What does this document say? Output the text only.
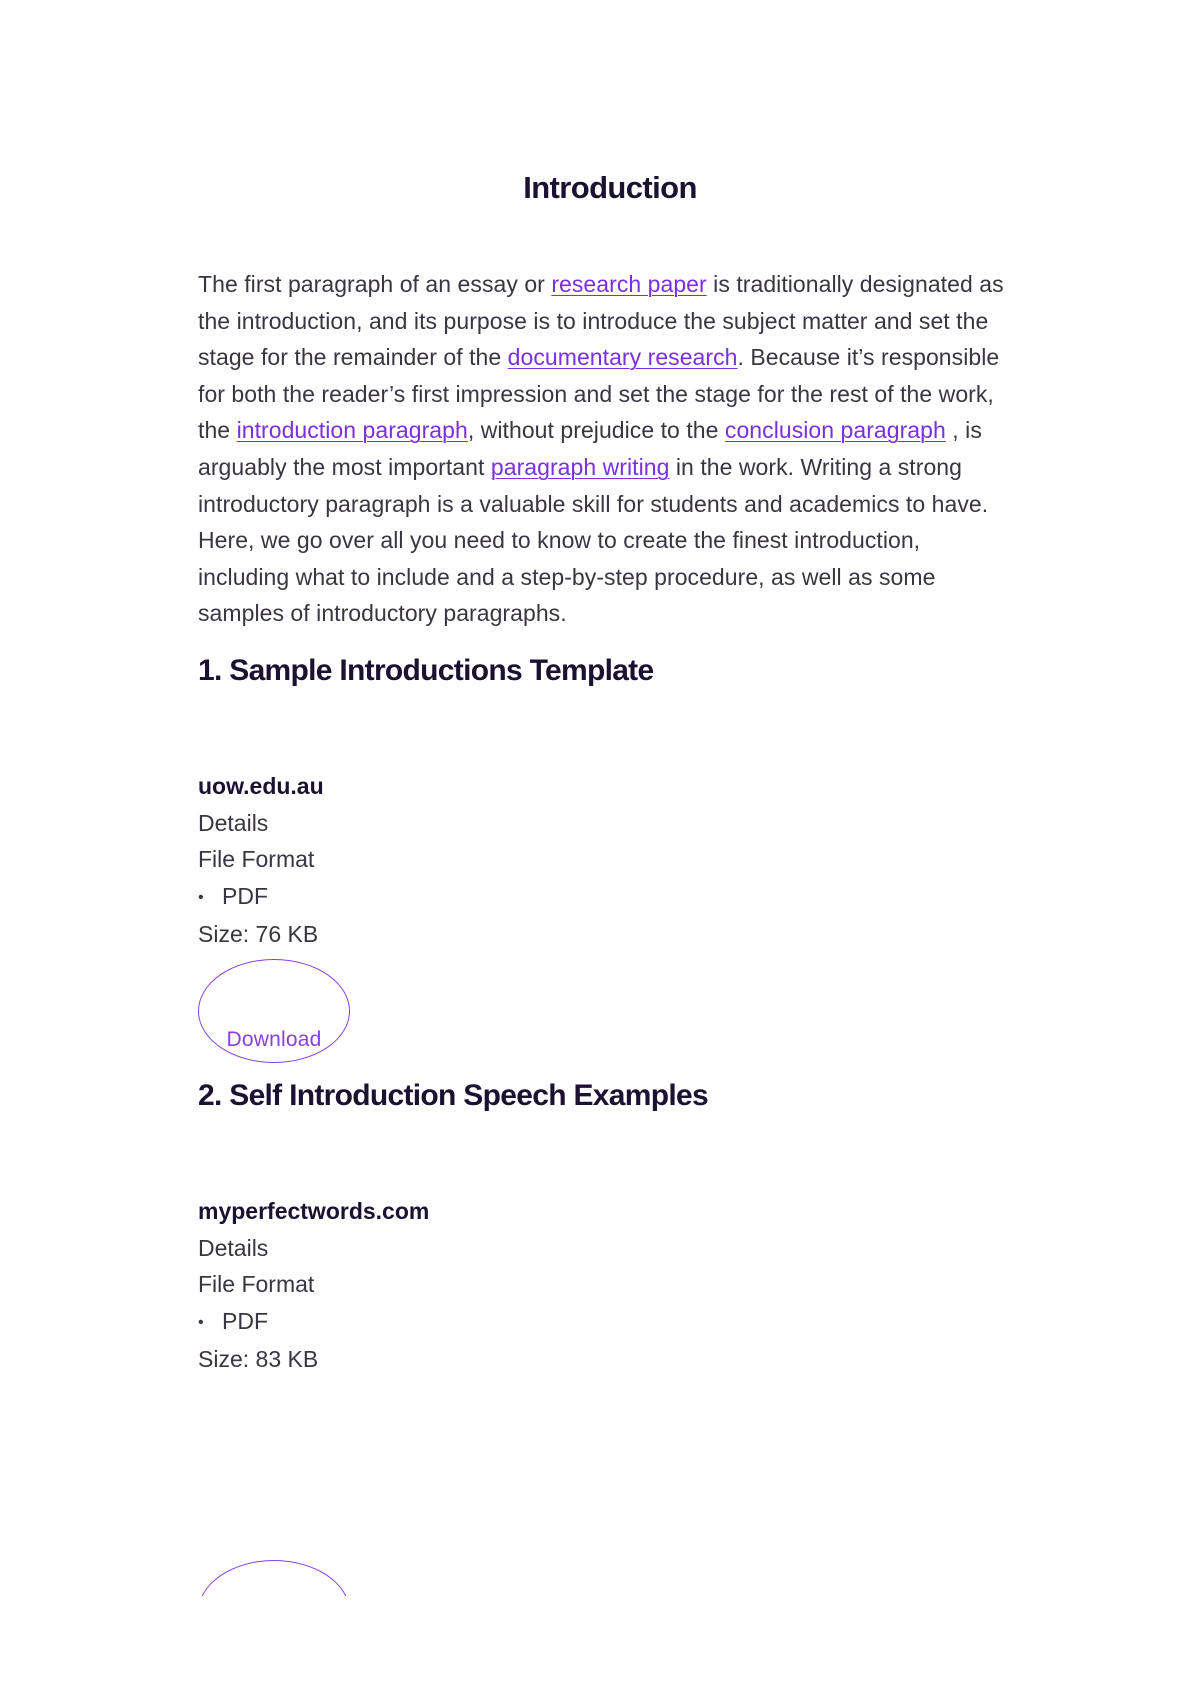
Introduction

The first paragraph of an essay or research paper is traditionally designated as the introduction, and its purpose is to introduce the subject matter and set the stage for the remainder of the documentary research. Because it’s responsible for both the reader’s first impression and set the stage for the rest of the work, the introduction paragraph, without prejudice to the conclusion paragraph , is arguably the most important paragraph writing in the work. Writing a strong introductory paragraph is a valuable skill for students and academics to have. Here, we go over all you need to know to create the finest introduction, including what to include and a step-by-step procedure, as well as some samples of introductory paragraphs.

1. Sample Introductions Template
uow.edu.au
Details
File Format
• PDF
Size: 76 KB
Download
2. Self Introduction Speech Examples
myperfectwords.com
Details
File Format
• PDF
Size: 83 KB
